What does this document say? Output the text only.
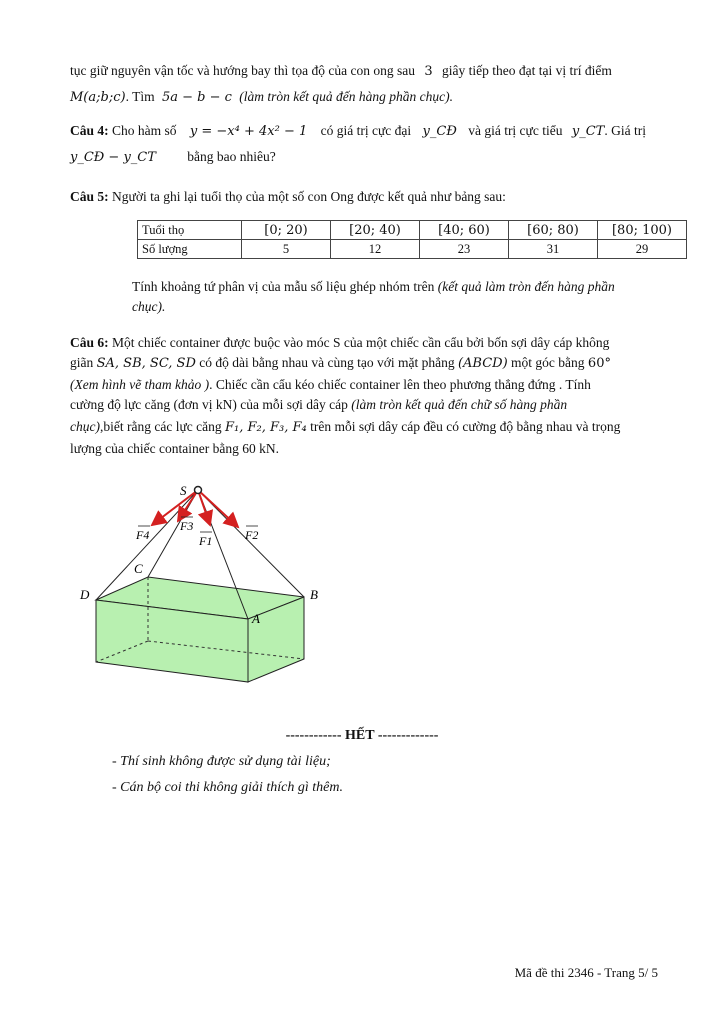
tục giữ nguyên vận tốc và hướng bay thì tọa độ của con ong sau 3 giây tiếp theo đạt tại vị trí điểm
M(a;b;c). Tìm 5a − b − c (làm tròn kết quả đến hàng phần chục).
Câu 4: Cho hàm số y = −x⁴ + 4x² − 1 có giá trị cực đại y_CĐ và giá trị cực tiểu y_CT. Giá trị
y_CĐ − y_CT bằng bao nhiêu?
Câu 5: Người ta ghi lại tuổi thọ của một số con Ong được kết quả như bảng sau:
Tuổi thọ	[0; 20)	[20; 40)	[40; 60)	[60; 80)	[80; 100)
Số lượng	5	12	23	31	29
Tính khoảng tứ phân vị của mẫu số liệu ghép nhóm trên (kết quả làm tròn đến hàng phần
chục).
Câu 6: Một chiếc container được buộc vào móc S của một chiếc cần cẩu bởi bốn sợi dây cáp không
giãn SA, SB, SC, SD có độ dài bằng nhau và cùng tạo với mặt phẳng (ABCD) một góc bằng 60°
(Xem hình vẽ tham khảo ). Chiếc cần cẩu kéo chiếc container lên theo phương thẳng đứng . Tính
cường độ lực căng (đơn vị kN) của mỗi sợi dây cáp (làm tròn kết quả đến chữ số hàng phần
chục),biết rằng các lực căng F₁, F₂, F₃, F₄ trên mỗi sợi dây cáp đều có cường độ bằng nhau và trọng
lượng của chiếc container bằng 60 kN.
S
C
D	B
A
F4
F3
F1	F2
------------ HẾT -------------
- Thí sinh không được sử dụng tài liệu;
- Cán bộ coi thi không giải thích gì thêm.
Mã đề thi 2346 - Trang 5/ 5
